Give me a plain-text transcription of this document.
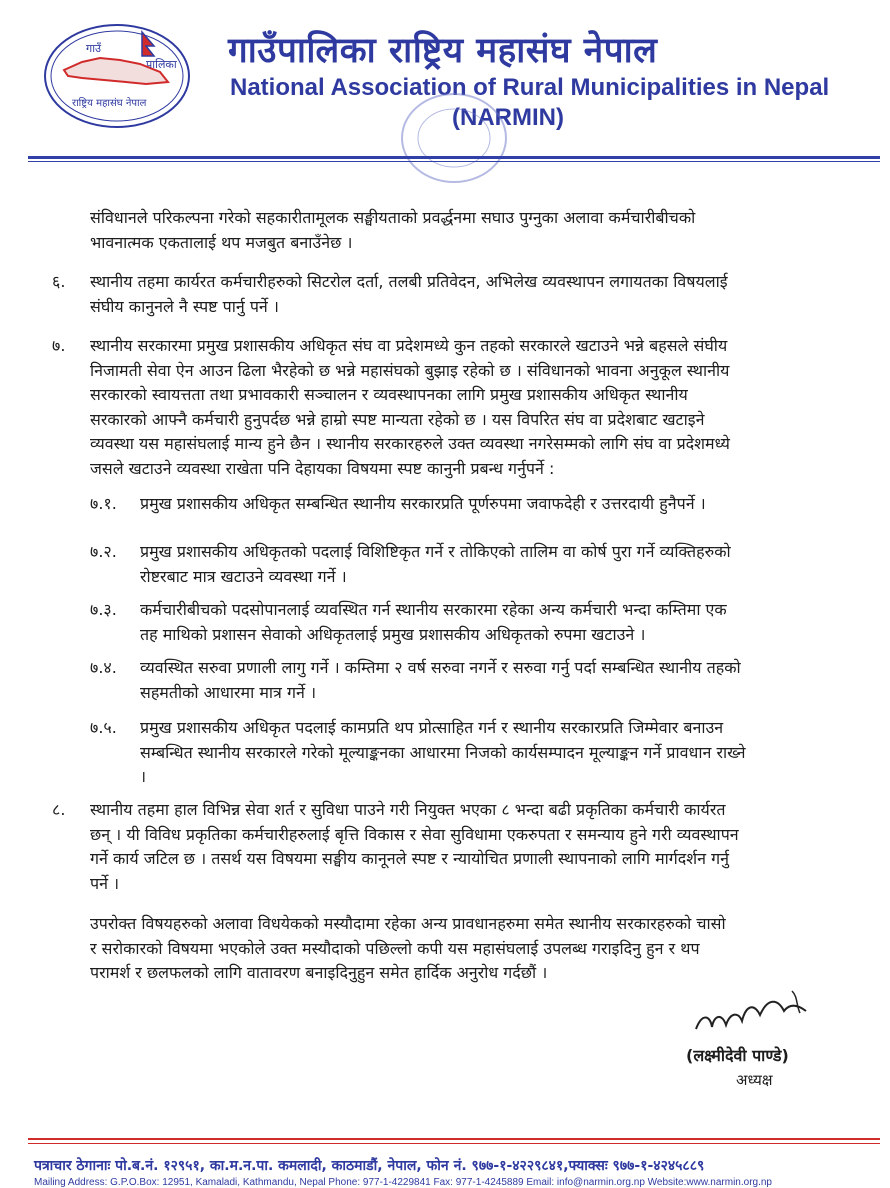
गाउँ
पालिका
राष्ट्रिय महासंघ नेपाल
गाउँपालिका राष्ट्रिय महासंघ नेपाल
National Association of Rural Municipalities in Nepal
(NARMIN)
संविधानले परिकल्पना गरेको सहकारीतामूलक सङ्घीयताको प्रवर्द्धनमा सघाउ पुग्नुका अलावा कर्मचारीबीचको
भावनात्मक एकतालाई थप मजबुत बनाउँनेछ ।
स्थानीय तहमा कार्यरत कर्मचारीहरुको सिटरोल दर्ता, तलबी प्रतिवेदन, अभिलेख व्यवस्थापन लगायतका विषयलाई
संघीय कानुनले नै स्पष्ट पार्नु पर्ने ।
६.
स्थानीय सरकारमा प्रमुख प्रशासकीय अधिकृत संघ वा प्रदेशमध्ये कुन तहको सरकारले खटाउने भन्ने बहसले संघीय
निजामती सेवा ऐन आउन ढिला भैरहेको छ भन्ने महासंघको बुझाइ रहेको छ । संविधानको भावना अनुकूल स्थानीय
सरकारको स्वायत्तता तथा प्रभावकारी सञ्चालन र व्यवस्थापनका लागि प्रमुख प्रशासकीय अधिकृत स्थानीय
सरकारको आफ्नै कर्मचारी हुनुपर्दछ भन्ने हाम्रो स्पष्ट मान्यता रहेको छ । यस विपरित संघ वा प्रदेशबाट खटाइने
व्यवस्था यस महासंघलाई मान्य हुने छैन । स्थानीय सरकारहरुले उक्त व्यवस्था नगरेसम्मको लागि संघ वा प्रदेशमध्ये
जसले खटाउने व्यवस्था राखेता पनि देहायका विषयमा स्पष्ट कानुनी प्रबन्ध गर्नुपर्ने :
७.
प्रमुख प्रशासकीय अधिकृत सम्बन्धित स्थानीय सरकारप्रति पूर्णरुपमा जवाफदेही र उत्तरदायी हुनैपर्ने ।
७.१.
प्रमुख प्रशासकीय अधिकृतको पदलाई विशिष्टिकृत गर्ने र तोकिएको तालिम वा कोर्ष पुरा गर्ने व्यक्तिहरुको
रोष्टरबाट मात्र खटाउने व्यवस्था गर्ने ।
७.२.
कर्मचारीबीचको पदसोपानलाई व्यवस्थित गर्न स्थानीय सरकारमा रहेका अन्य कर्मचारी भन्दा कम्तिमा एक
तह माथिको प्रशासन सेवाको अधिकृतलाई प्रमुख प्रशासकीय अधिकृतको रुपमा खटाउने ।
७.३.
व्यवस्थित सरुवा प्रणाली लागु गर्ने । कम्तिमा २ वर्ष सरुवा नगर्ने र सरुवा गर्नु पर्दा सम्बन्धित स्थानीय तहको
सहमतीको आधारमा मात्र गर्ने ।
७.४.
प्रमुख प्रशासकीय अधिकृत पदलाई कामप्रति थप प्रोत्साहित गर्न र स्थानीय सरकारप्रति जिम्मेवार बनाउन
सम्बन्धित स्थानीय सरकारले गरेको मूल्याङ्कनका आधारमा निजको कार्यसम्पादन मूल्याङ्कन गर्ने प्रावधान राख्ने
।
७.५.
स्थानीय तहमा हाल विभिन्न सेवा शर्त र सुविधा पाउने गरी नियुक्त भएका ८ भन्दा बढी प्रकृतिका कर्मचारी कार्यरत
छन् । यी विविध प्रकृतिका कर्मचारीहरुलाई बृत्ति विकास र सेवा सुविधामा एकरुपता र समन्याय हुने गरी व्यवस्थापन
गर्ने कार्य जटिल छ । तसर्थ यस विषयमा सङ्घीय कानूनले स्पष्ट र न्यायोचित प्रणाली स्थापनाको लागि मार्गदर्शन गर्नु
पर्ने ।
८.
उपरोक्त विषयहरुको अलावा विधयेकको मस्यौदामा रहेका अन्य प्रावधानहरुमा समेत स्थानीय सरकारहरुको चासो
र सरोकारको विषयमा भएकोले उक्त मस्यौदाको पछिल्लो कपी यस महासंघलाई उपलब्ध गराइदिनु हुन र थप
परामर्श र छलफलको लागि वातावरण बनाइदिनुहुन समेत हार्दिक अनुरोध गर्दछौं ।
(लक्ष्मीदेवी पाण्डे)
अध्यक्ष
पत्राचार ठेगानाः पो.ब.नं. १२९५१, का.म.न.पा. कमलादी, काठमाडौं, नेपाल, फोन नं. ९७७-१-४२२९८४१,फ्याक्सः ९७७-१-४२४५८८९
Mailing Address: G.P.O.Box: 12951, Kamaladi, Kathmandu, Nepal Phone: 977-1-4229841 Fax: 977-1-4245889 Email: info@narmin.org.np Website:www.narmin.org.np
